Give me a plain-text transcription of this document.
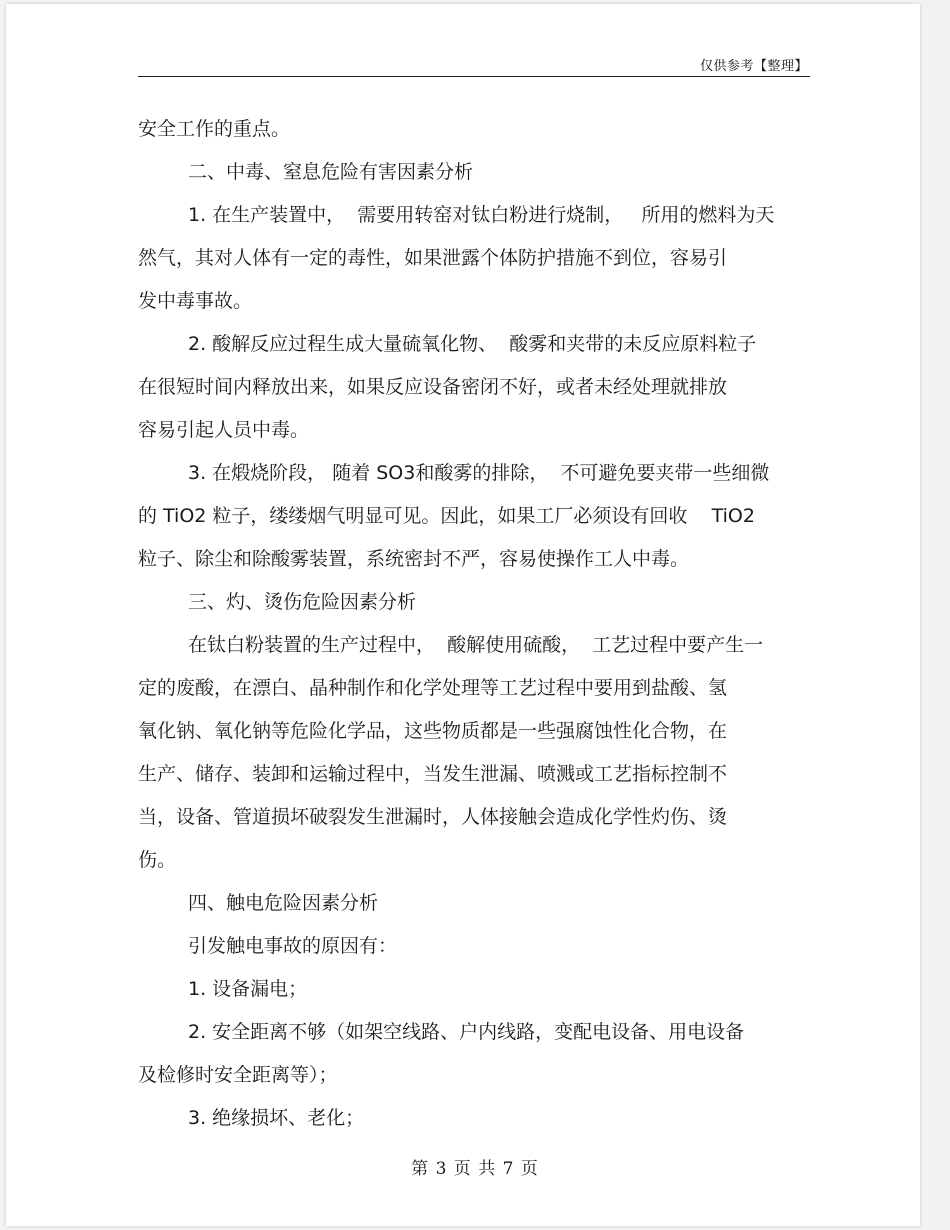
仅供参考【整理】
安全工作的重点。
二、中毒、窒息危险有害因素分析
1. 在生产装置中，  需要用转窑对钛白粉进行烧制，   所用的燃料为天
然气，其对人体有一定的毒性，如果泄露个体防护措施不到位，容易引
发中毒事故。
2. 酸解反应过程生成大量硫氧化物、  酸雾和夹带的未反应原料粒子
在很短时间内释放出来，如果反应设备密闭不好，或者未经处理就排放
容易引起人员中毒。
3. 在煅烧阶段， 随着 SO3和酸雾的排除，  不可避免要夹带一些细微
的 TiO2 粒子，缕缕烟气明显可见。因此，如果工厂必须设有回收    TiO2
粒子、除尘和除酸雾装置，系统密封不严，容易使操作工人中毒。
三、灼、烫伤危险因素分析
在钛白粉装置的生产过程中，  酸解使用硫酸，  工艺过程中要产生一
定的废酸，在漂白、晶种制作和化学处理等工艺过程中要用到盐酸、氢
氧化钠、氧化钠等危险化学品，这些物质都是一些强腐蚀性化合物，在
生产、储存、装卸和运输过程中，当发生泄漏、喷溅或工艺指标控制不
当，设备、管道损坏破裂发生泄漏时，人体接触会造成化学性灼伤、烫
伤。
四、触电危险因素分析
引发触电事故的原因有：
1. 设备漏电；
2. 安全距离不够（如架空线路、户内线路，变配电设备、用电设备
及检修时安全距离等）；
3. 绝缘损坏、老化；
第 3 页 共 7 页
